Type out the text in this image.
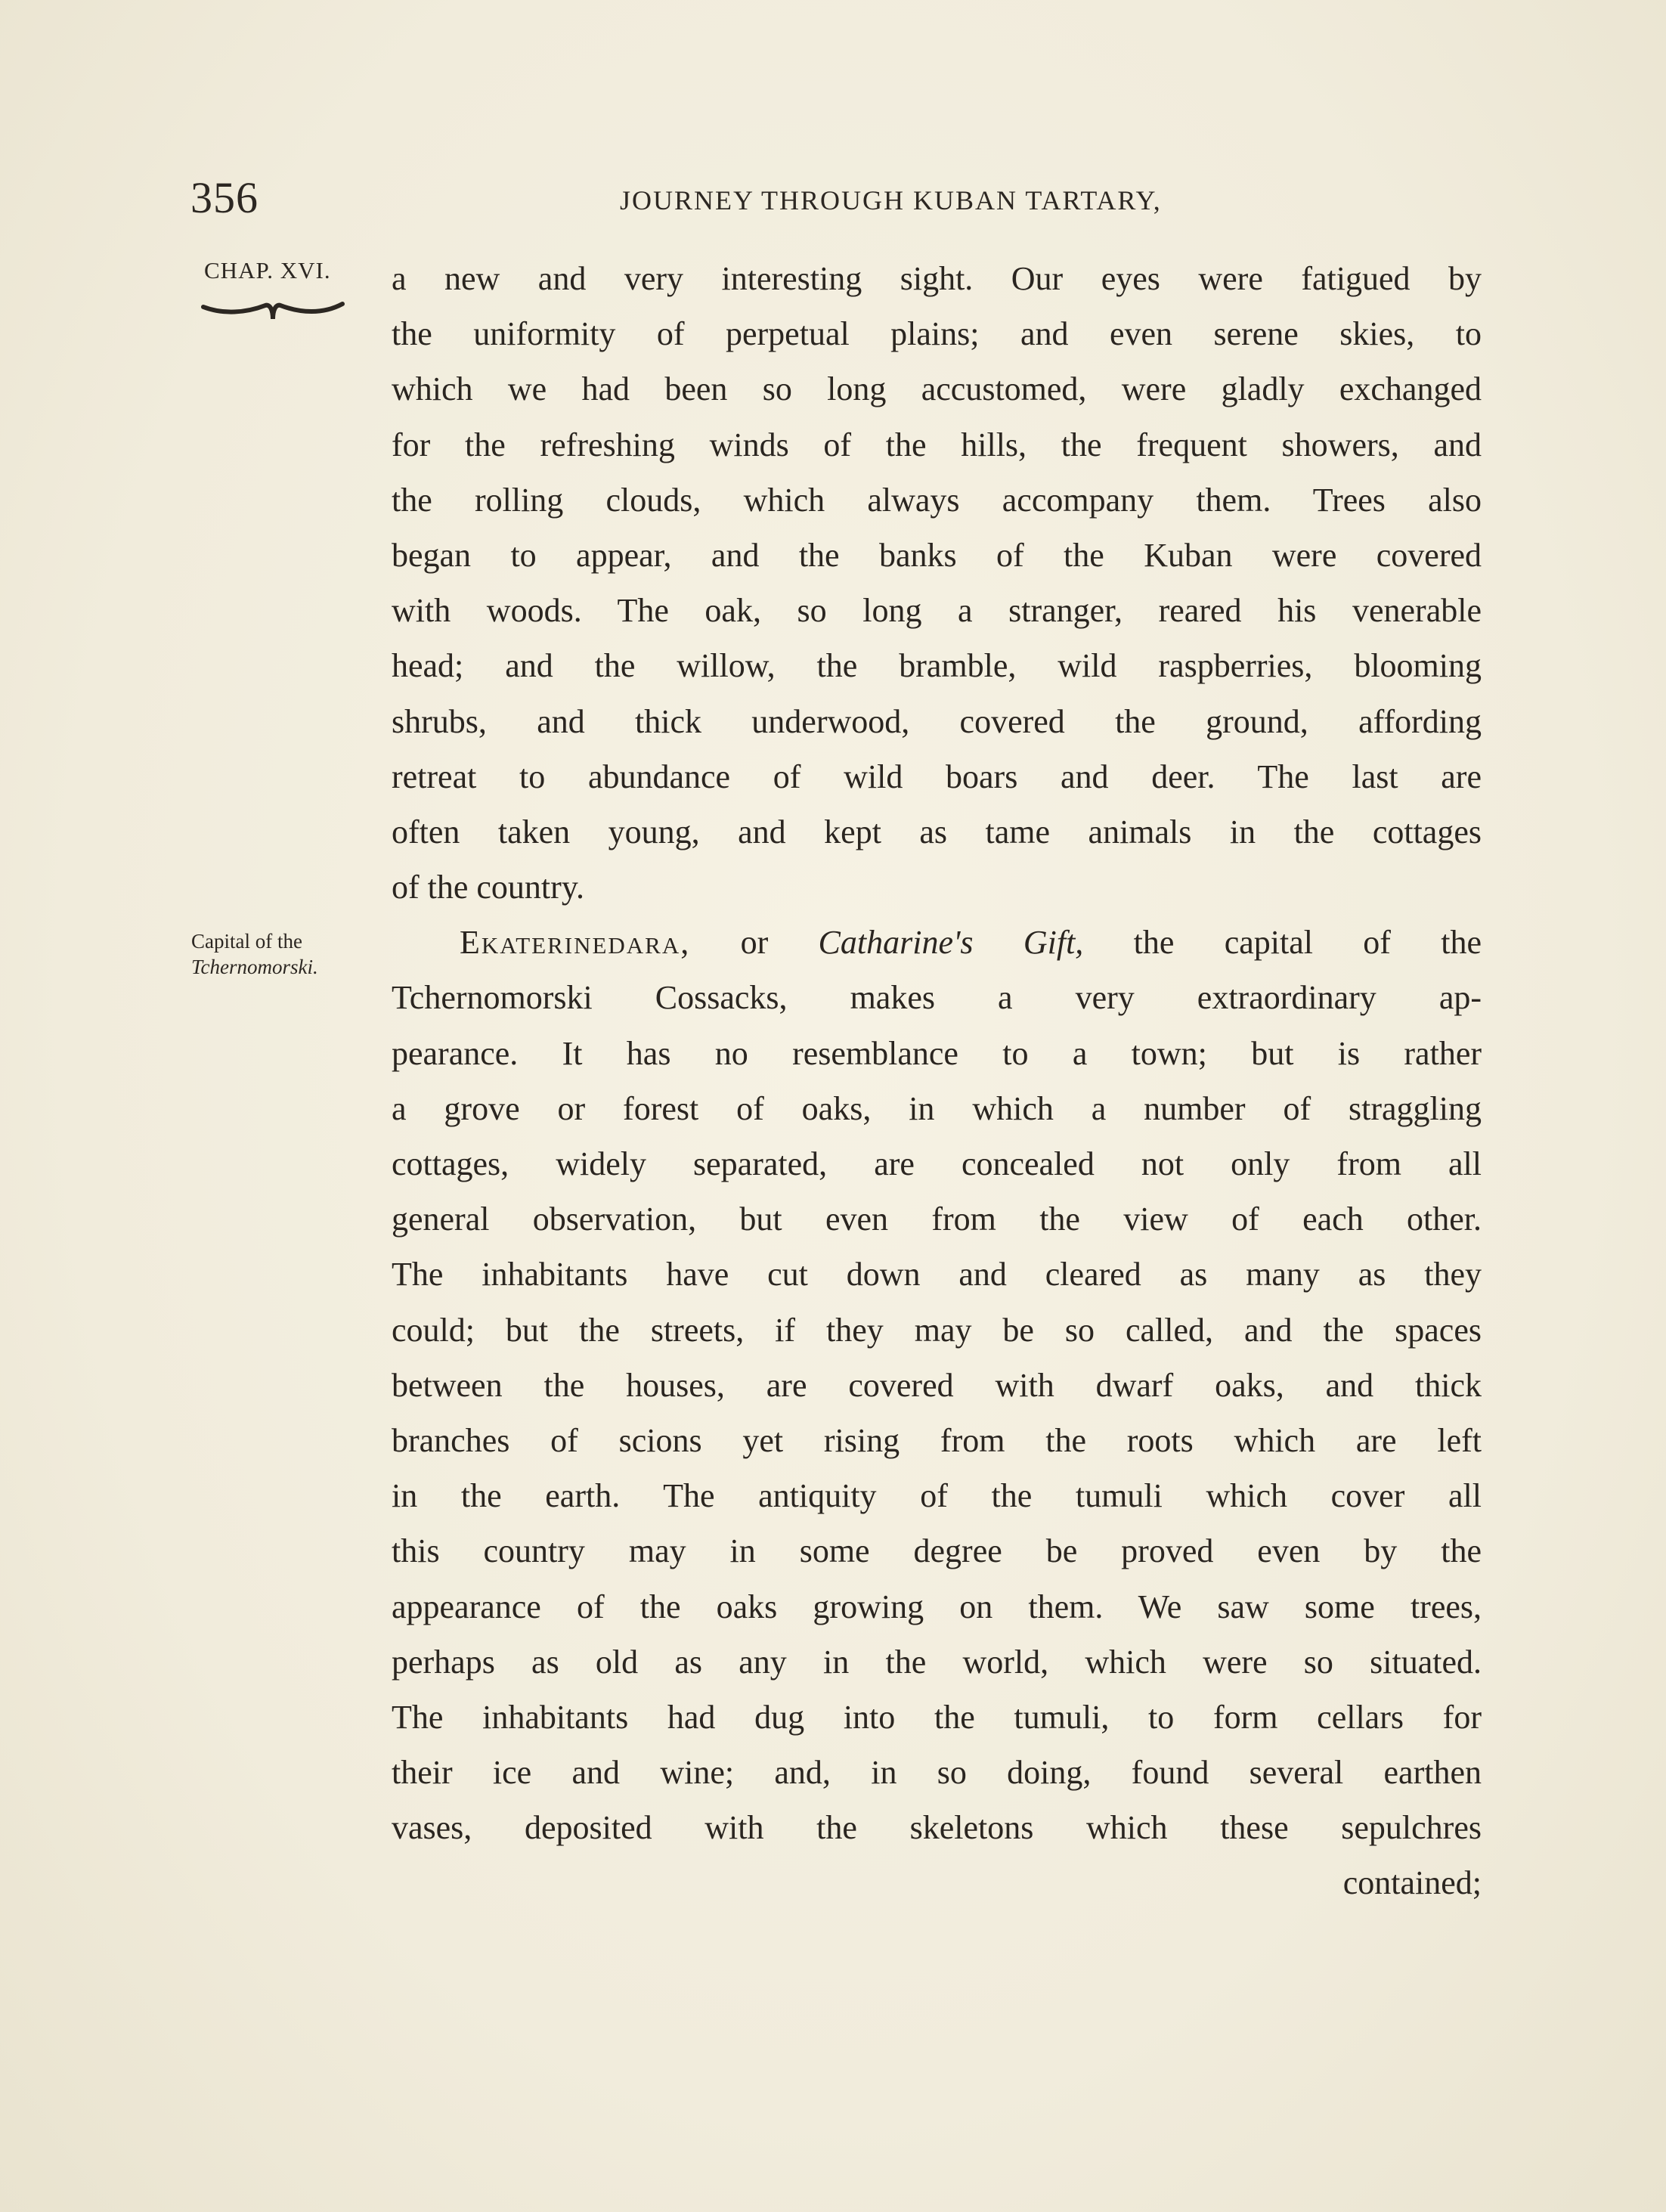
356	JOURNEY THROUGH KUBAN TARTARY,
CHAP. XVI.
Capital of the
Tchernomorski.
a new and very interesting sight. Our eyes were fatigued by
the uniformity of perpetual plains; and even serene skies, to
which we had been so long accustomed, were gladly exchanged
for the refreshing winds of the hills, the frequent showers, and
the rolling clouds, which always accompany them. Trees also
began to appear, and the banks of the Kuban were covered
with woods. The oak, so long a stranger, reared his venerable
head; and the willow, the bramble, wild raspberries, blooming
shrubs, and thick underwood, covered the ground, affording
retreat to abundance of wild boars and deer. The last are
often taken young, and kept as tame animals in the cottages
of the country.
Ekaterinedara, or Catharine's Gift, the capital of the
Tchernomorski Cossacks, makes a very extraordinary ap-
pearance. It has no resemblance to a town; but is rather
a grove or forest of oaks, in which a number of straggling
cottages, widely separated, are concealed not only from all
general observation, but even from the view of each other.
The inhabitants have cut down and cleared as many as they
could; but the streets, if they may be so called, and the spaces
between the houses, are covered with dwarf oaks, and thick
branches of scions yet rising from the roots which are left
in the earth. The antiquity of the tumuli which cover all
this country may in some degree be proved even by the
appearance of the oaks growing on them. We saw some trees,
perhaps as old as any in the world, which were so situated.
The inhabitants had dug into the tumuli, to form cellars for
their ice and wine; and, in so doing, found several earthen
vases, deposited with the skeletons which these sepulchres
contained;
